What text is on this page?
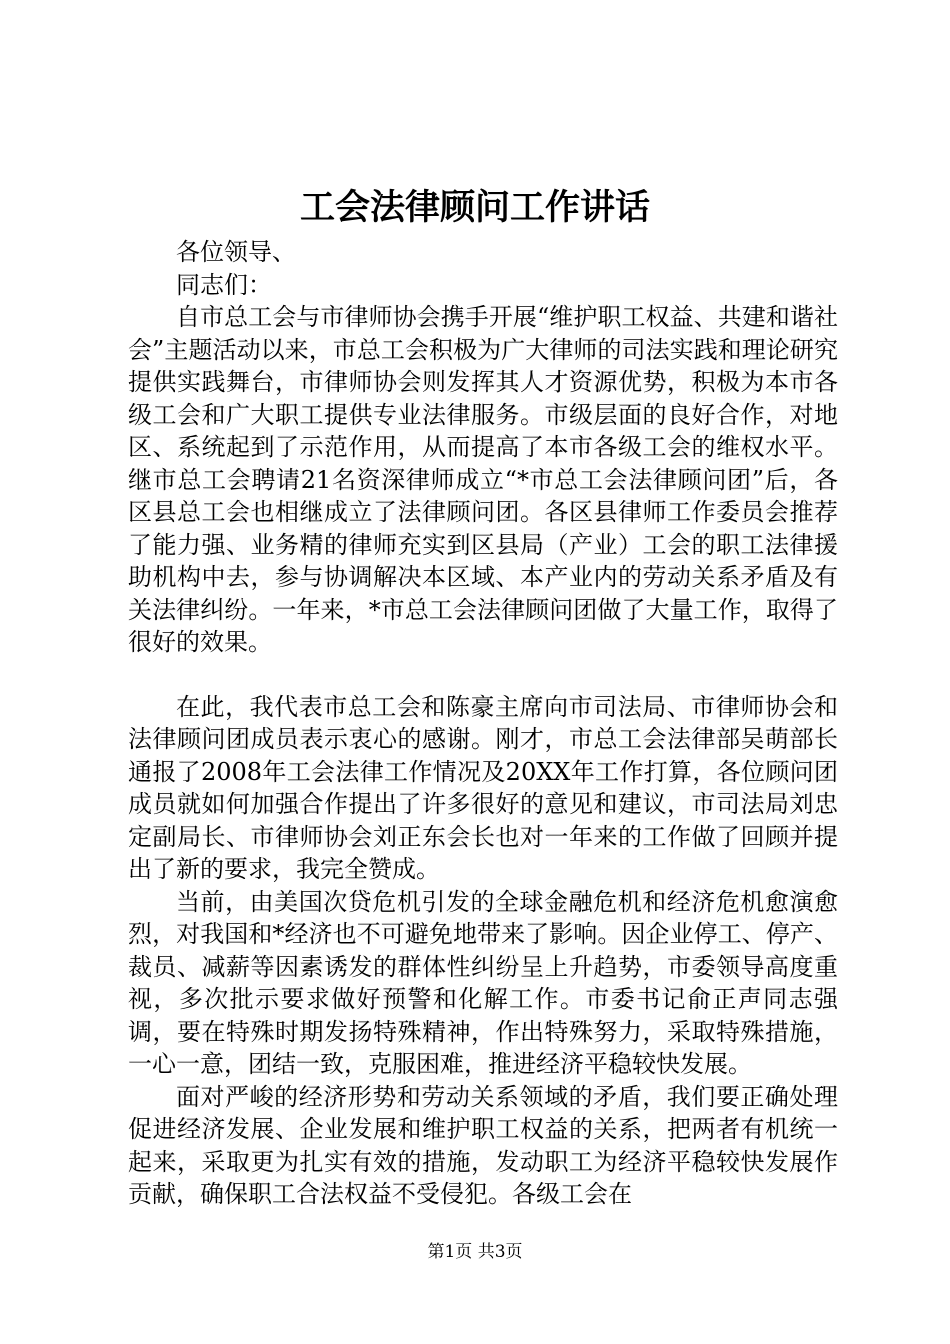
工会法律顾问工作讲话

各位领导、

同志们：

自市总工会与市律师协会携手开展“维护职工权益、共建和谐社会”主题活动以来，市总工会积极为广大律师的司法实践和理论研究提供实践舞台，市律师协会则发挥其人才资源优势，积极为本市各级工会和广大职工提供专业法律服务。市级层面的良好合作，对地区、系统起到了示范作用，从而提高了本市各级工会的维权水平。继市总工会聘请21名资深律师成立“*市总工会法律顾问团”后，各区县总工会也相继成立了法律顾问团。各区县律师工作委员会推荐了能力强、业务精的律师充实到区县局（产业）工会的职工法律援助机构中去，参与协调解决本区域、本产业内的劳动关系矛盾及有关法律纠纷。一年来，*市总工会法律顾问团做了大量工作，取得了很好的效果。

在此，我代表市总工会和陈豪主席向市司法局、市律师协会和法律顾问团成员表示衷心的感谢。刚才，市总工会法律部吴萌部长通报了2008年工会法律工作情况及20XX年工作打算，各位顾问团成员就如何加强合作提出了许多很好的意见和建议，市司法局刘忠定副局长、市律师协会刘正东会长也对一年来的工作做了回顾并提出了新的要求，我完全赞成。

当前，由美国次贷危机引发的全球金融危机和经济危机愈演愈烈，对我国和*经济也不可避免地带来了影响。因企业停工、停产、裁员、减薪等因素诱发的群体性纠纷呈上升趋势，市委领导高度重视，多次批示要求做好预警和化解工作。市委书记俞正声同志强调，要在特殊时期发扬特殊精神，作出特殊努力，采取特殊措施，一心一意，团结一致，克服困难，推进经济平稳较快发展。

面对严峻的经济形势和劳动关系领域的矛盾，我们要正确处理促进经济发展、企业发展和维护职工权益的关系，把两者有机统一起来，采取更为扎实有效的措施，发动职工为经济平稳较快发展作贡献，确保职工合法权益不受侵犯。各级工会在

第1页 共3页
